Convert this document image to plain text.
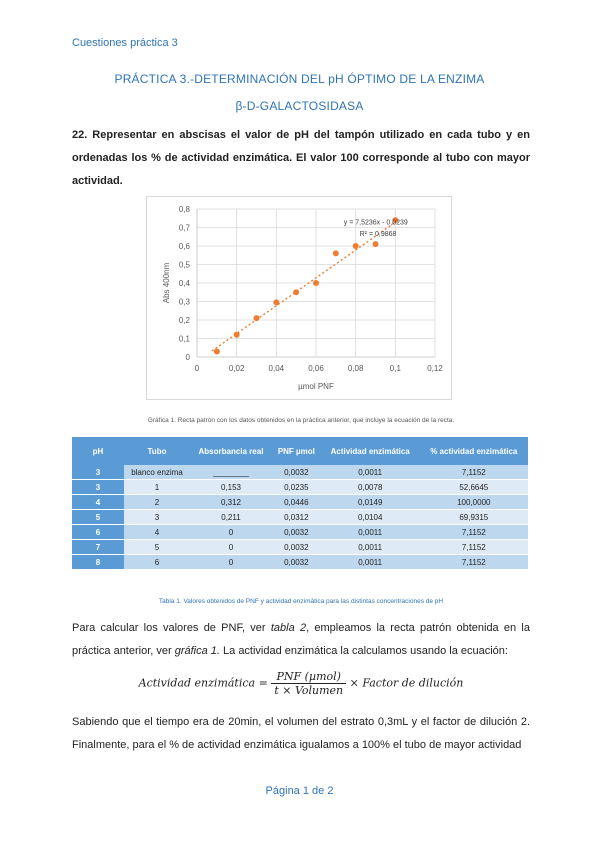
Cuestiones práctica 3
PRÁCTICA 3.-DETERMINACIÓN DEL pH ÓPTIMO DE LA ENZIMA
β-D-GALACTOSIDASA
22. Representar en abscisas el valor de pH del tampón utilizado en cada tubo y en ordenadas los % de actividad enzimática. El valor 100 corresponde al tubo con mayor actividad.
0
0,1
0,2
0,3
0,4
0,5
0,6
0,7
0,8
0	0,02	0,04	0,06	0,08	0,1	0,12
y = 7,5236x - 0,0239
R² = 0,9868
µmol PNF
Abs 400nm
Gráfica 1. Recta patrón con los datos obtenidos en la práctica anterior, que incluye la ecuación de la recta.
pH	Tubo	Absorbancia real	PNF µmol	Actividad enzimática	% actividad enzimática
3	blanco enzima	________	0,0032	0,0011	7,1152
3	1	0,153	0,0235	0,0078	52,6645
4	2	0,312	0,0446	0,0149	100,0000
5	3	0,211	0,0312	0,0104	69,9315
6	4	0	0,0032	0,0011	7,1152
7	5	0	0,0032	0,0011	7,1152
8	6	0	0,0032	0,0011	7,1152
Tabla 1. Valores obtenidos de PNF y actividad enzimática para las distintas concentraciones de pH
Para calcular los valores de PNF, ver tabla 2, empleamos la recta patrón obtenida en la práctica anterior, ver gráfica 1. La actividad enzimática la calculamos usando la ecuación:
Actividad enzimática = $\frac{\text{PNF (µmol)}}{\text{t × Volumen}}$ × Factor de dilución
Sabiendo que el tiempo era de 20min, el volumen del estrato 0,3mL y el factor de dilución 2. Finalmente, para el % de actividad enzimática igualamos a 100% el tubo de mayor actividad
Página 1 de 2
